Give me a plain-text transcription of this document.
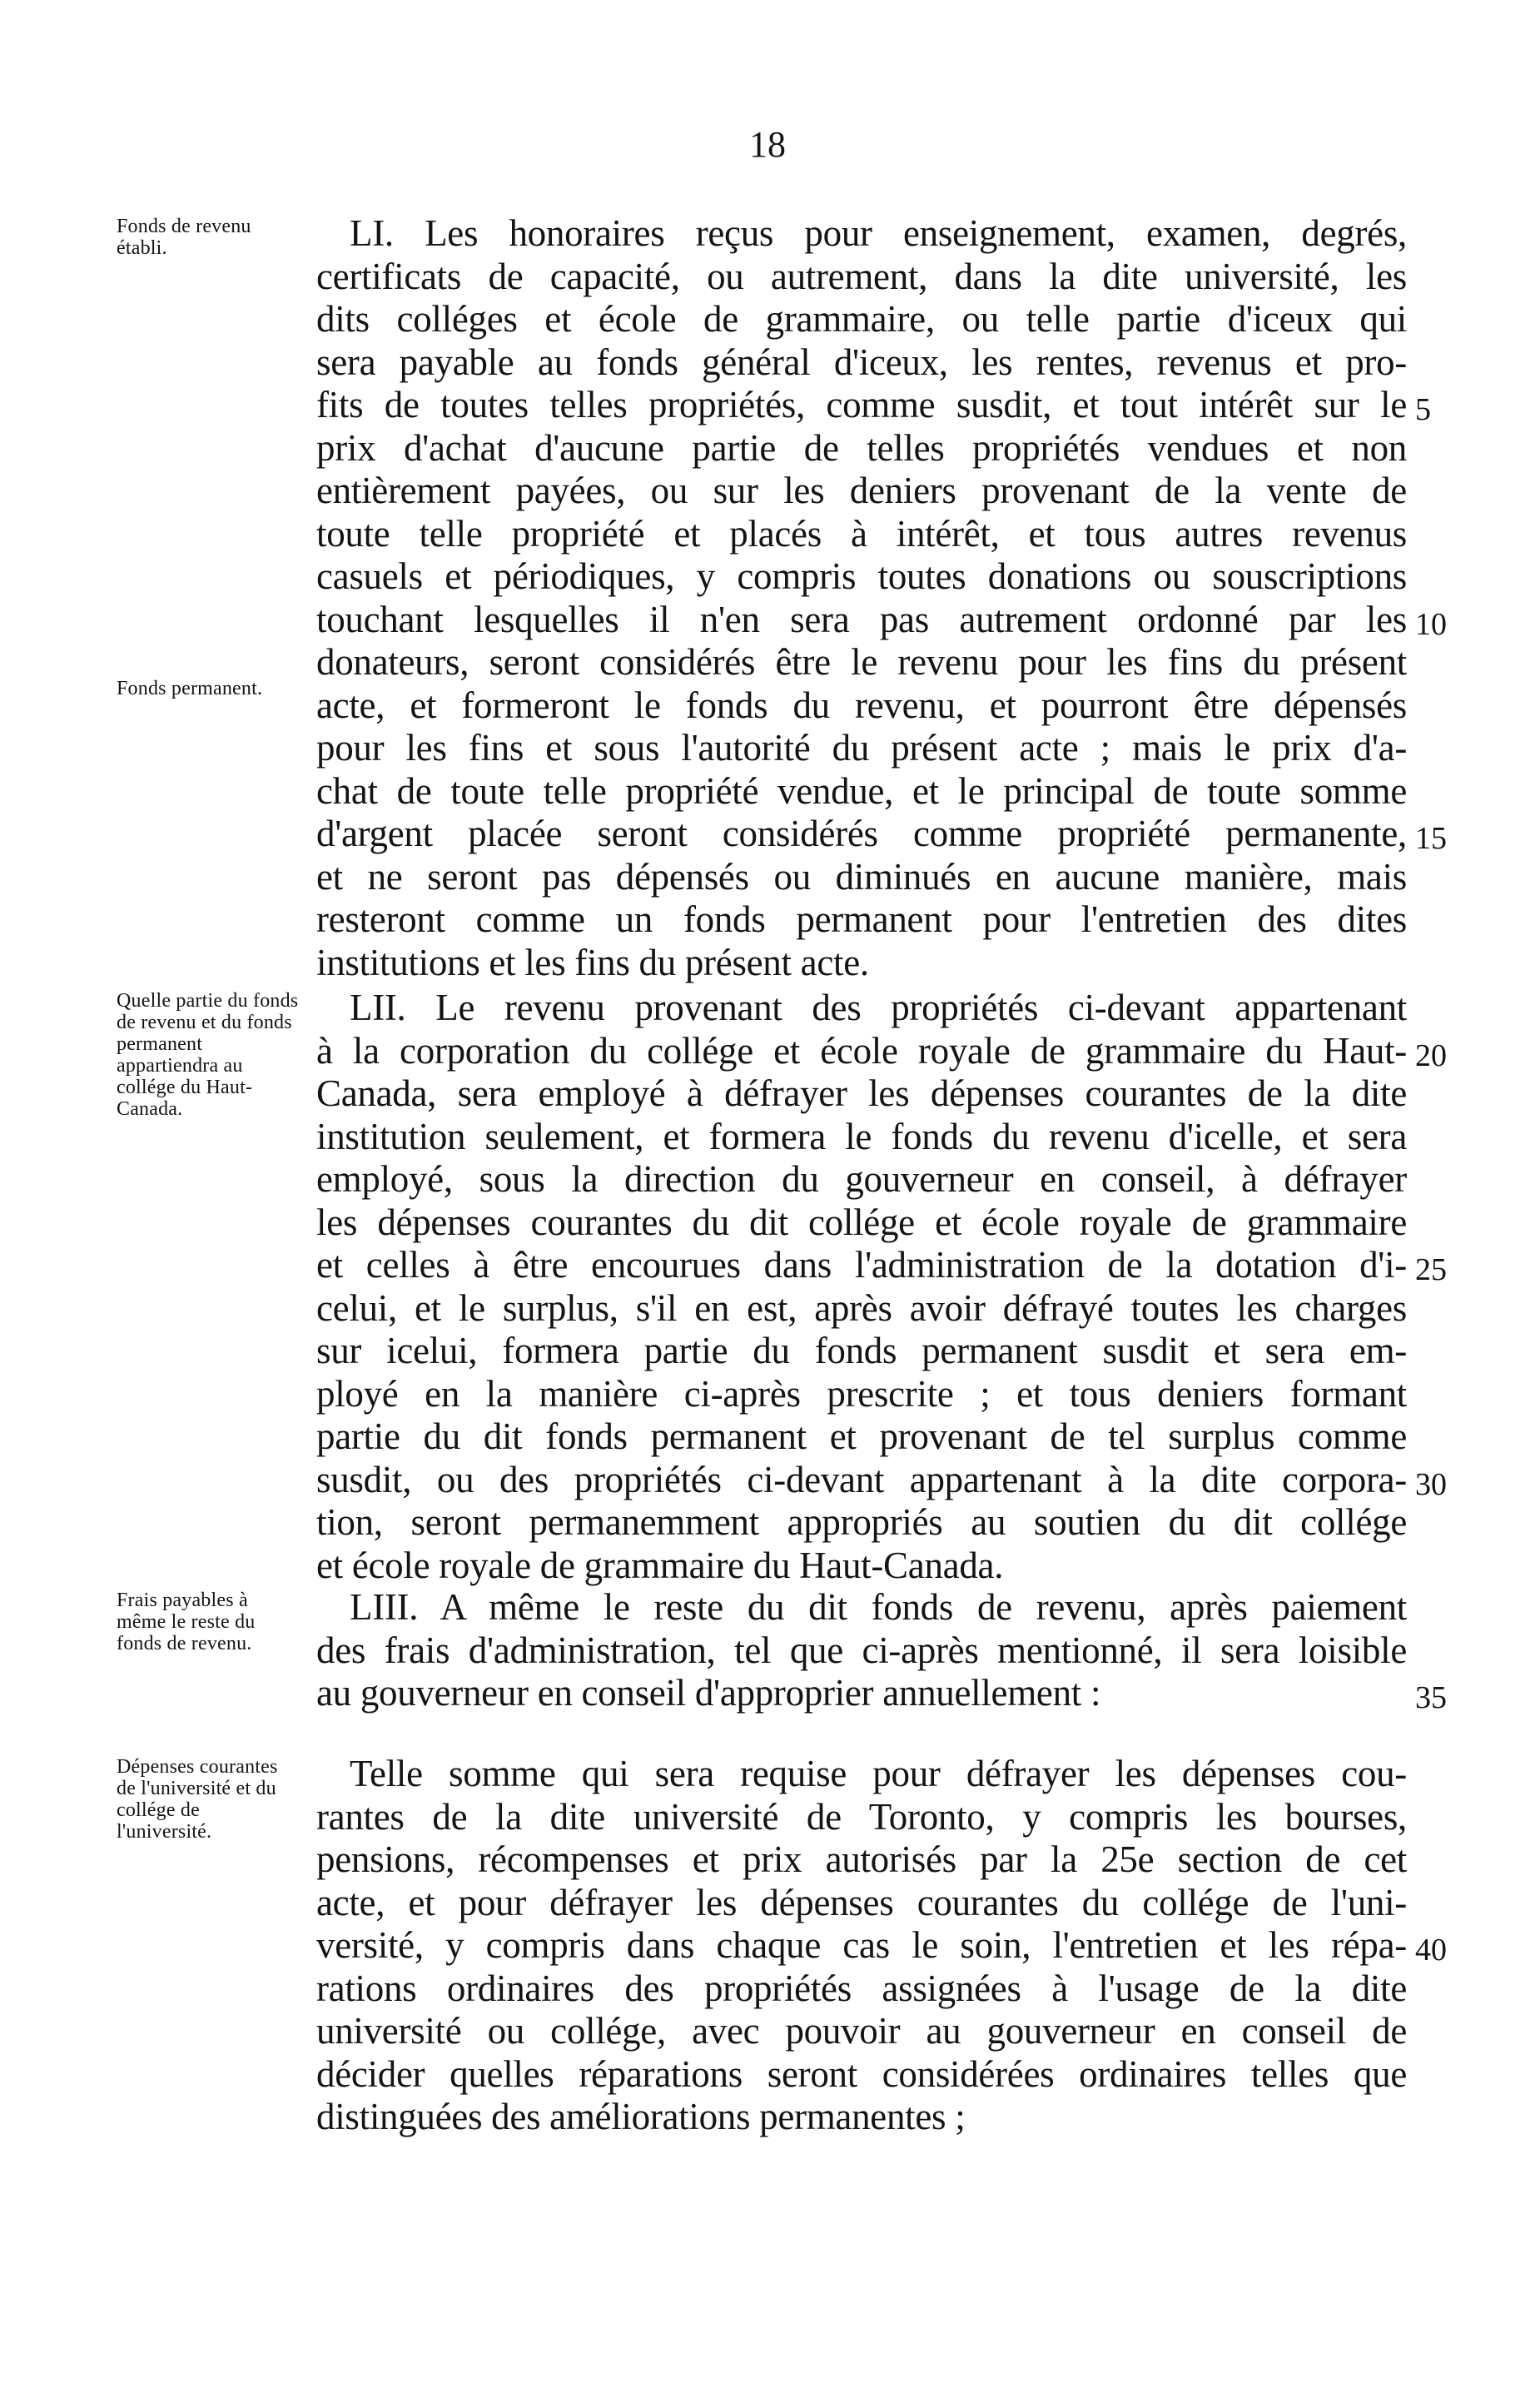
18
Fonds de revenu établi.
Fonds permanent.
LI. Les honoraires reçus pour enseignement, examen, degrés,
certificats de capacité, ou autrement, dans la dite université, les
dits colléges et école de grammaire, ou telle partie d'iceux qui
sera payable au fonds général d'iceux, les rentes, revenus et pro-
fits de toutes telles propriétés, comme susdit, et tout intérêt sur le 5
prix d'achat d'aucune partie de telles propriétés vendues et non
entièrement payées, ou sur les deniers provenant de la vente de
toute telle propriété et placés à intérêt, et tous autres revenus
casuels et périodiques, y compris toutes donations ou souscriptions
touchant lesquelles il n'en sera pas autrement ordonné par les 10
donateurs, seront considérés être le revenu pour les fins du présent
acte, et formeront le fonds du revenu, et pourront être dépensés
pour les fins et sous l'autorité du présent acte ; mais le prix d'a-
chat de toute telle propriété vendue, et le principal de toute somme
d'argent placée seront considérés comme propriété permanente, 15
et ne seront pas dépensés ou diminués en aucune manière, mais
resteront comme un fonds permanent pour l'entretien des dites
institutions et les fins du présent acte.
Quelle partie du fonds de revenu et du fonds permanent appartiendra au collége du Haut-Canada.
LII. Le revenu provenant des propriétés ci-devant appartenant
à la corporation du collége et école royale de grammaire du Haut- 20
Canada, sera employé à défrayer les dépenses courantes de la dite
institution seulement, et formera le fonds du revenu d'icelle, et sera
employé, sous la direction du gouverneur en conseil, à défrayer
les dépenses courantes du dit collége et école royale de grammaire
et celles à être encourues dans l'administration de la dotation d'i- 25
celui, et le surplus, s'il en est, après avoir défrayé toutes les charges
sur icelui, formera partie du fonds permanent susdit et sera em-
ployé en la manière ci-après prescrite ; et tous deniers formant
partie du dit fonds permanent et provenant de tel surplus comme
susdit, ou des propriétés ci-devant appartenant à la dite corpora- 30
tion, seront permanemment appropriés au soutien du dit collége
et école royale de grammaire du Haut-Canada.
Frais payables à même le reste du fonds de revenu.
LIII. A même le reste du dit fonds de revenu, après paiement
des frais d'administration, tel que ci-après mentionné, il sera loisible
au gouverneur en conseil d'approprier annuellement :	35
Dépenses courantes de l'université et du collége de l'université.
Telle somme qui sera requise pour défrayer les dépenses cou-
rantes de la dite université de Toronto, y compris les bourses,
pensions, récompenses et prix autorisés par la 25e section de cet
acte, et pour défrayer les dépenses courantes du collége de l'uni-
versité, y compris dans chaque cas le soin, l'entretien et les répa- 40
rations ordinaires des propriétés assignées à l'usage de la dite
université ou collége, avec pouvoir au gouverneur en conseil de
décider quelles réparations seront considérées ordinaires telles que
distinguées des améliorations permanentes ;
